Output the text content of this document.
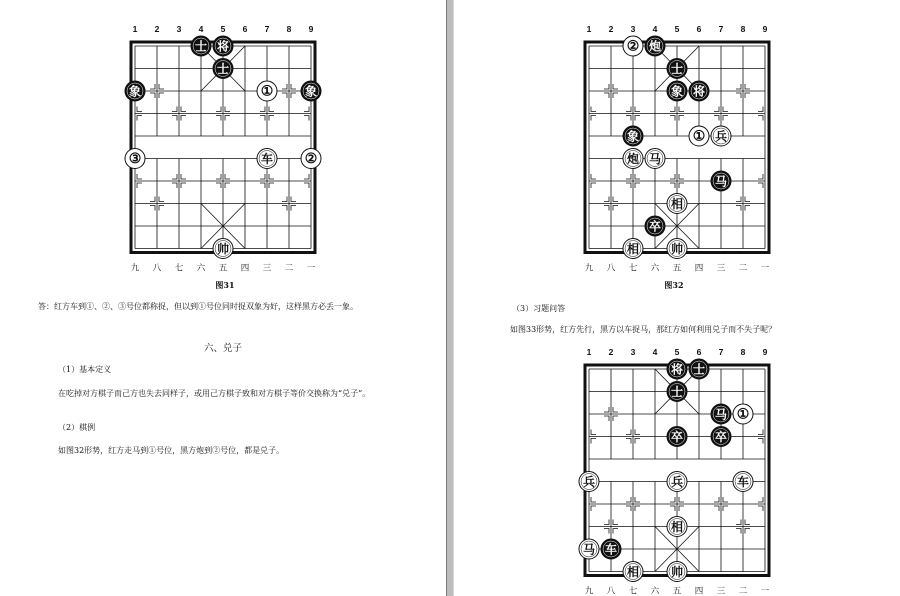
1 2 3 4 5 6 7 8 9
九 八 七 六 五 四 三 二 一
士 将
士
象	象
①
③	车 ②
帅
图31
答：红方车到①、②、③号位都称捉，但以到①号位同时捉双象为好，这样黑方必丢一象。
六、兑子
（1）基本定义
在吃掉对方棋子而己方也失去同样子，或用己方棋子致和对方棋子等价交换称为“兑子”。
（2）棋例
如图32形势，红方走马到①号位，黑方炮到②号位，都是兑子。
1 2 3 4 5 6 7 8 9
九 八 七 六 五 四 三 二 一
② 炮
士
象 将
象	① 兵
炮 马
马
相
卒
相	帅
图32
（3）习题问答
如图33形势，红方先行，黑方以车捉马，那红方如何利用兑子而不失子呢？
1 2 3 4 5 6 7 8 9
九 八 七 六 五 四 三 二 一
将 士
士
马 ①
卒	卒
兵	兵	车
相
马 车
相	帅
